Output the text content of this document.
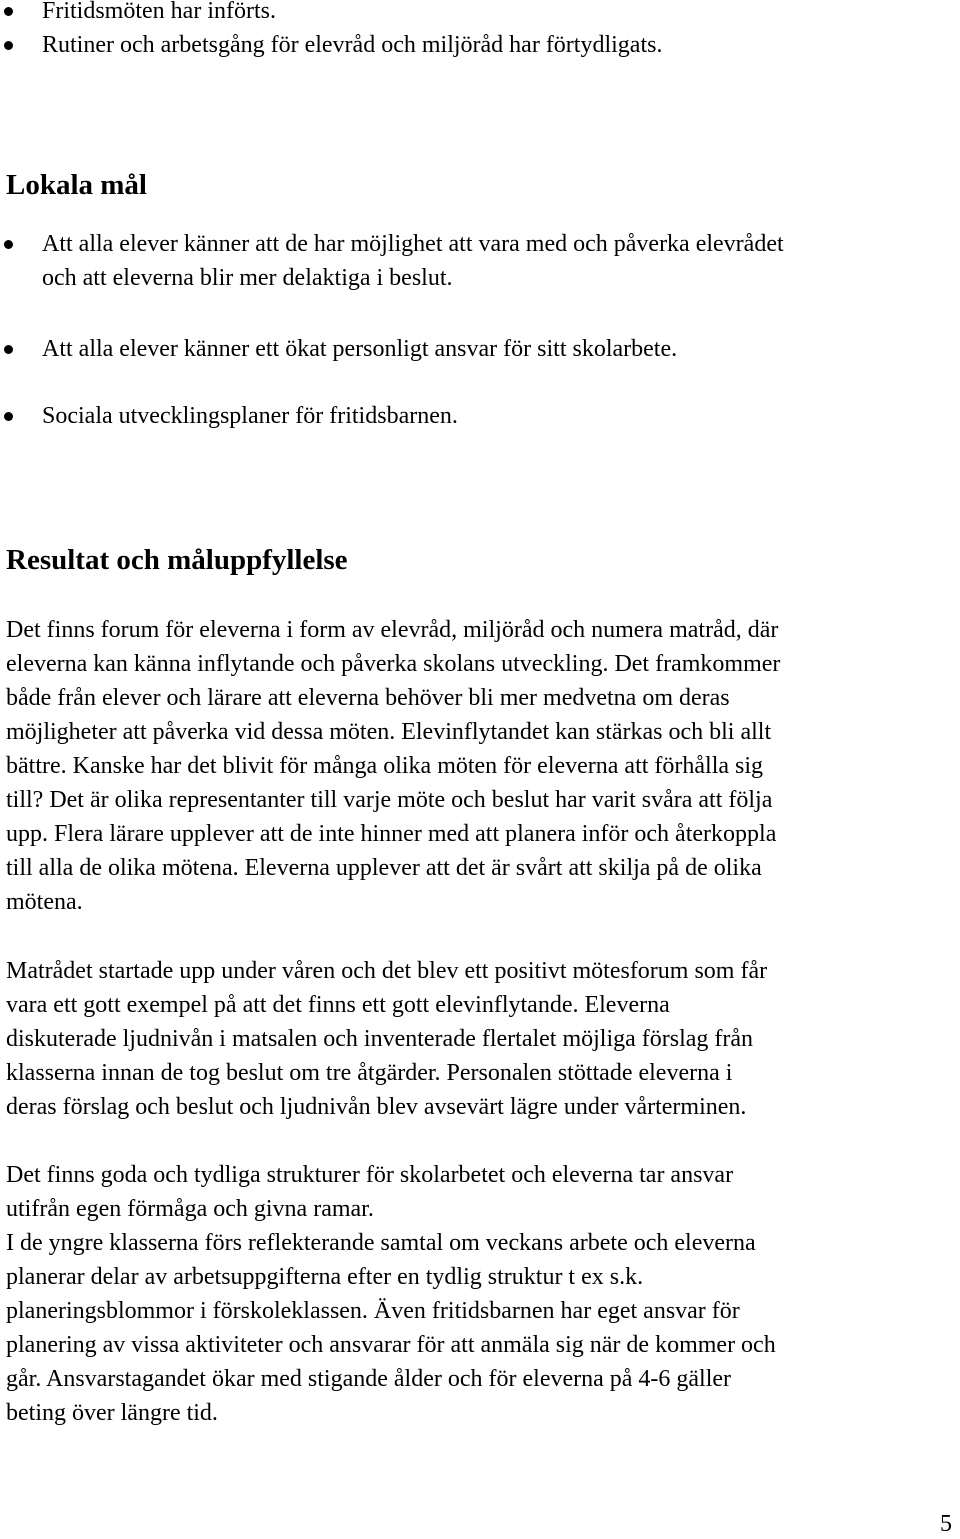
Fritidsmöten har införts.
Rutiner och arbetsgång för elevråd och miljöråd har förtydligats.
Lokala mål
Att alla elever känner att de har möjlighet att vara med och påverka elevrådet
och att eleverna blir mer delaktiga i beslut.
Att alla elever känner ett ökat personligt ansvar för sitt skolarbete.
Sociala utvecklingsplaner för fritidsbarnen.
Resultat och måluppfyllelse

Det finns forum för eleverna i form av elevråd, miljöråd och numera matråd, där
eleverna kan känna inflytande och påverka skolans utveckling. Det framkommer
både från elever och lärare att eleverna behöver bli mer medvetna om deras
möjligheter att påverka vid dessa möten. Elevinflytandet kan stärkas och bli allt
bättre. Kanske har det blivit för många olika möten för eleverna att förhålla sig
till? Det är olika representanter till varje möte och beslut har varit svåra att följa
upp. Flera lärare upplever att de inte hinner med att planera inför och återkoppla
till alla de olika mötena. Eleverna upplever att det är svårt att skilja på de olika
mötena.

Matrådet startade upp under våren och det blev ett positivt mötesforum som får
vara ett gott exempel på att det finns ett gott elevinflytande. Eleverna
diskuterade ljudnivån i matsalen och inventerade flertalet möjliga förslag från
klasserna innan de tog beslut om tre åtgärder. Personalen stöttade eleverna i
deras förslag och beslut och ljudnivån blev avsevärt lägre under vårterminen.

Det finns goda och tydliga strukturer för skolarbetet och eleverna tar ansvar
utifrån egen förmåga och givna ramar.
I de yngre klasserna förs reflekterande samtal om veckans arbete och eleverna
planerar delar av arbetsuppgifterna efter en tydlig struktur t ex s.k.
planeringsblommor i förskoleklassen. Även fritidsbarnen har eget ansvar för
planering av vissa aktiviteter och ansvarar för att anmäla sig när de kommer och
går. Ansvarstagandet ökar med stigande ålder och för eleverna på 4-6 gäller
beting över längre tid.

5
